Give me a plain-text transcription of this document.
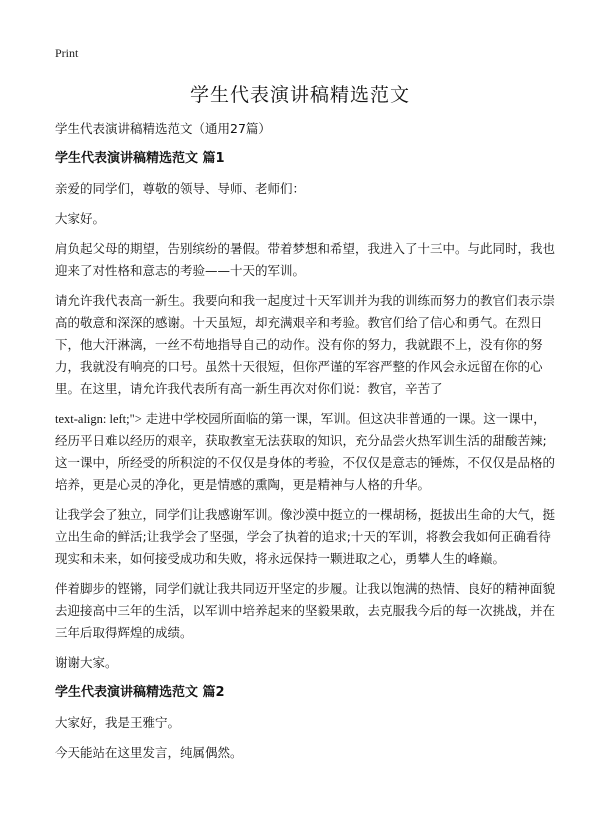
Print
学生代表演讲稿精选范文

学生代表演讲稿精选范文（通用27篇）

学生代表演讲稿精选范文 篇1

亲爱的同学们，尊敬的领导、导师、老师们：

大家好。

肩负起父母的期望，告别缤纷的暑假。带着梦想和希望，我进入了十三中。与此同时，我也迎来了对性格和意志的考验——十天的军训。

请允许我代表高一新生。我要向和我一起度过十天军训并为我的训练而努力的教官们表示崇高的敬意和深深的感谢。十天虽短，却充满艰辛和考验。教官们给了信心和勇气。在烈日下，他大汗淋漓，一丝不苟地指导自己的动作。没有你的努力，我就跟不上，没有你的努力，我就没有响亮的口号。虽然十天很短，但你严谨的军容严整的作风会永远留在你的心里。在这里，请允许我代表所有高一新生再次对你们说：教官，辛苦了

text-align: left;"> 走进中学校园所面临的第一课，军训。但这决非普通的一课。这一课中，经历平日难以经历的艰辛，获取教室无法获取的知识，充分品尝火热军训生活的甜酸苦辣;这一课中，所经受的所积淀的不仅仅是身体的考验，不仅仅是意志的锤炼，不仅仅是品格的培养，更是心灵的净化，更是情感的熏陶，更是精神与人格的升华。

让我学会了独立，同学们让我感谢军训。像沙漠中挺立的一棵胡杨，挺拔出生命的大气，挺立出生命的鲜活;让我学会了坚强，学会了执着的追求;十天的军训，将教会我如何正确看待现实和未来，如何接受成功和失败，将永远保持一颗进取之心，勇攀人生的峰巅。

伴着脚步的铿锵，同学们就让我共同迈开坚定的步履。让我以饱满的热情、良好的精神面貌去迎接高中三年的生活，以军训中培养起来的坚毅果敢，去克服我今后的每一次挑战，并在三年后取得辉煌的成绩。

谢谢大家。

学生代表演讲稿精选范文 篇2

大家好，我是王雅宁。

今天能站在这里发言，纯属偶然。
